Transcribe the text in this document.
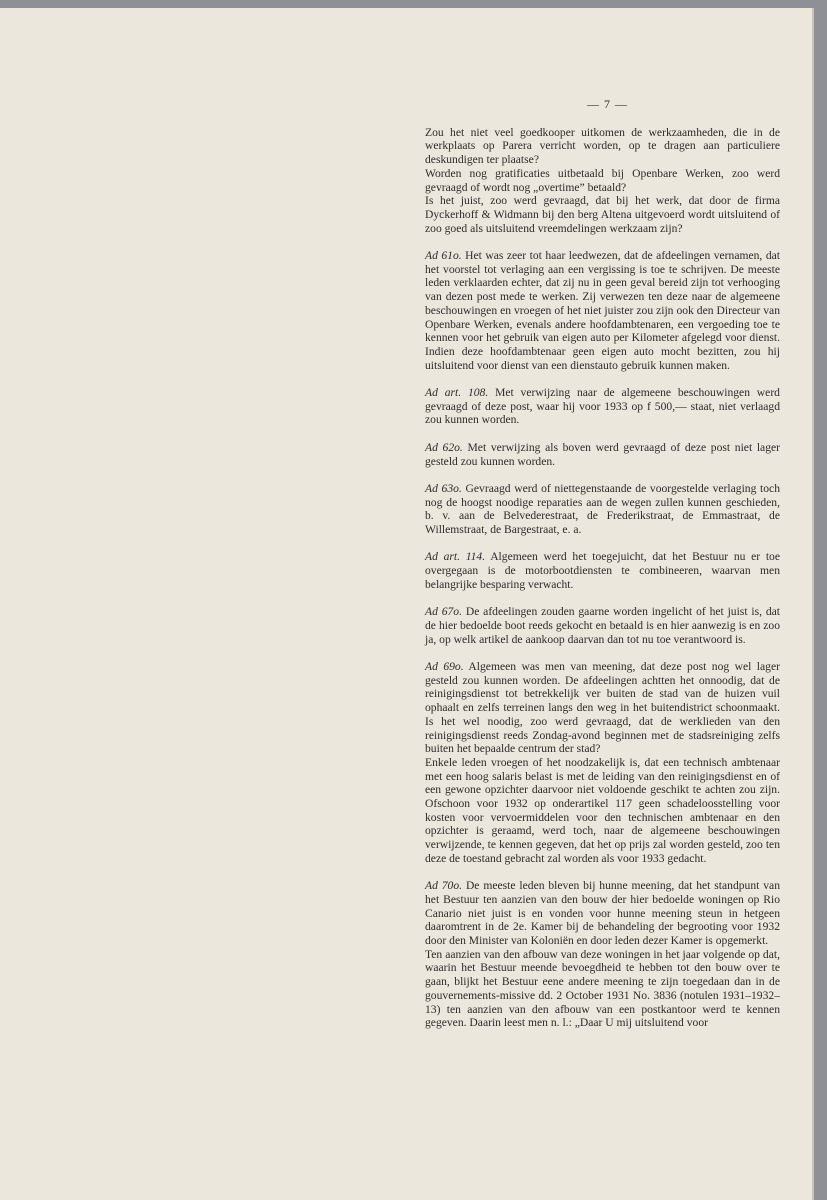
— 7 —

Zou het niet veel goedkooper uitkomen de werkzaamheden, die in de werkplaats op Parera verricht worden, op te dragen aan particuliere deskundigen ter plaatse?

Worden nog gratificaties uitbetaald bij Openbare Werken, zoo werd gevraagd of wordt nog „overtime” betaald?

Is het juist, zoo werd gevraagd, dat bij het werk, dat door de firma Dyckerhoff & Widmann bij den berg Altena uitgevoerd wordt uitsluitend of zoo goed als uitsluitend vreemdelingen werkzaam zijn?

Ad 61o. Het was zeer tot haar leedwezen, dat de afdeelingen vernamen, dat het voorstel tot verlaging aan een vergissing is toe te schrijven. De meeste leden verklaarden echter, dat zij nu in geen geval bereid zijn tot verhooging van dezen post mede te werken. Zij verwezen ten deze naar de algemeene beschouwingen en vroegen of het niet juister zou zijn ook den Directeur van Openbare Werken, evenals andere hoofdambtenaren, een vergoeding toe te kennen voor het gebruik van eigen auto per Kilometer afgelegd voor dienst. Indien deze hoofdambtenaar geen eigen auto mocht bezitten, zou hij uitsluitend voor dienst van een dienstauto gebruik kunnen maken.

Ad art. 108. Met verwijzing naar de algemeene beschouwingen werd gevraagd of deze post, waar hij voor 1933 op f 500,— staat, niet verlaagd zou kunnen worden.

Ad 62o. Met verwijzing als boven werd gevraagd of deze post niet lager gesteld zou kunnen worden.

Ad 63o. Gevraagd werd of niettegenstaande de voorgestelde verlaging toch nog de hoogst noodige reparaties aan de wegen zullen kunnen geschieden, b. v. aan de Belvederestraat, de Frederikstraat, de Emmastraat, de Willemstraat, de Bargestraat, e. a.

Ad art. 114. Algemeen werd het toegejuicht, dat het Bestuur nu er toe overgegaan is de motorbootdiensten te combineeren, waarvan men belangrijke besparing verwacht.

Ad 67o. De afdeelingen zouden gaarne worden ingelicht of het juist is, dat de hier bedoelde boot reeds gekocht en betaald is en hier aanwezig is en zoo ja, op welk artikel de aankoop daarvan dan tot nu toe verantwoord is.

Ad 69o. Algemeen was men van meening, dat deze post nog wel lager gesteld zou kunnen worden. De afdeelingen achtten het onnoodig, dat de reinigingsdienst tot betrekkelijk ver buiten de stad van de huizen vuil ophaalt en zelfs terreinen langs den weg in het buitendistrict schoonmaakt. Is het wel noodig, zoo werd gevraagd, dat de werklieden van den reinigingsdienst reeds Zondag-avond beginnen met de stadsreiniging zelfs buiten het bepaalde centrum der stad?

Enkele leden vroegen of het noodzakelijk is, dat een technisch ambtenaar met een hoog salaris belast is met de leiding van den reinigingsdienst en of een gewone opzichter daarvoor niet voldoende geschikt te achten zou zijn. Ofschoon voor 1932 op onderartikel 117 geen schadeloosstelling voor kosten voor vervoermiddelen voor den technischen ambtenaar en den opzichter is geraamd, werd toch, naar de algemeene beschouwingen verwijzende, te kennen gegeven, dat het op prijs zal worden gesteld, zoo ten deze de toestand gebracht zal worden als voor 1933 gedacht.

Ad 70o. De meeste leden bleven bij hunne meening, dat het standpunt van het Bestuur ten aanzien van den bouw der hier bedoelde woningen op Rio Canario niet juist is en vonden voor hunne meening steun in hetgeen daaromtrent in de 2e. Kamer bij de behandeling der begrooting voor 1932 door den Minister van Koloniën en door leden dezer Kamer is opgemerkt.

Ten aanzien van den afbouw van deze woningen in het jaar volgende op dat, waarin het Bestuur meende bevoegdheid te hebben tot den bouw over te gaan, blijkt het Bestuur eene andere meening te zijn toegedaan dan in de gouvernements-missive dd. 2 October 1931 No. 3836 (notulen 1931–1932–13) ten aanzien van den afbouw van een postkantoor werd te kennen gegeven. Daarin leest men n. l.: „Daar U mij uitsluitend voor
